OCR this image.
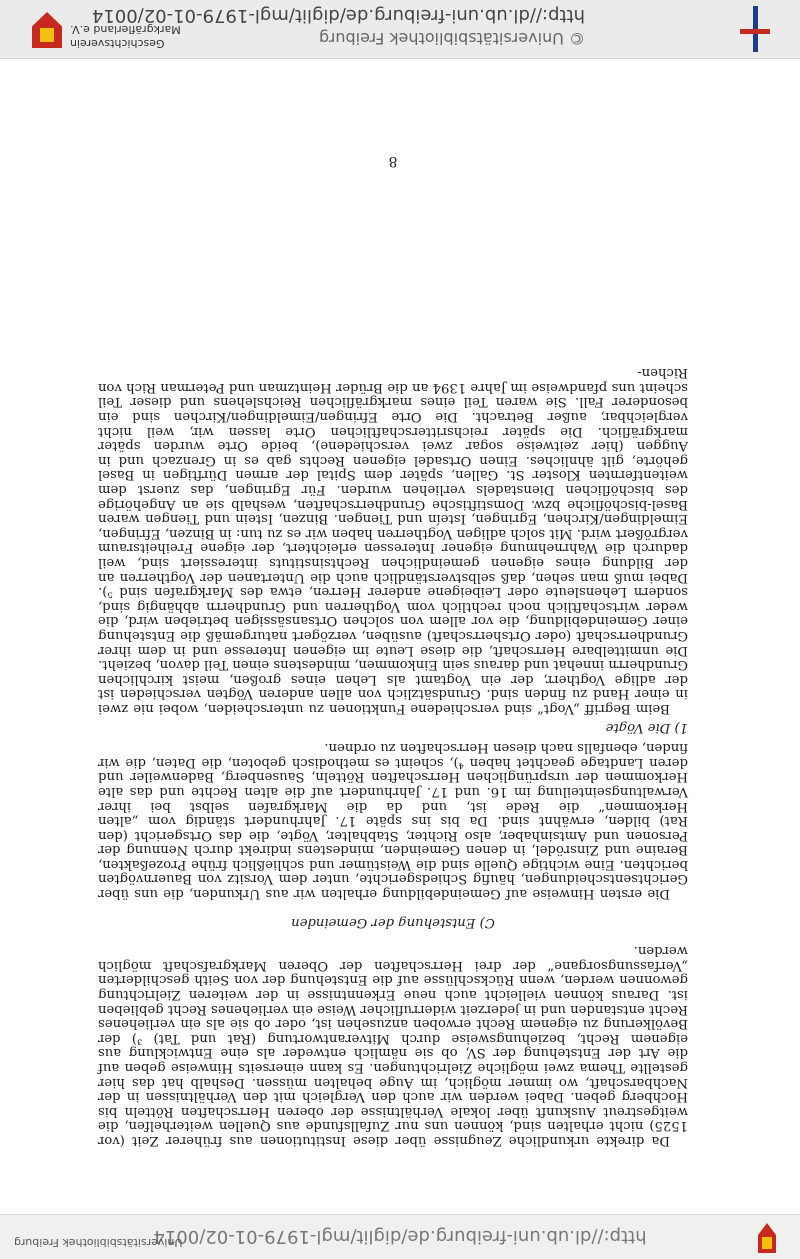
http://dl.ub.uni-freiburg.de/diglit/mgl-1979-01-02/0014
Universitätsbibliothek Freiburg

Da direkte urkundliche Zeugnisse über diese Institutionen aus früherer Zeit (vor 1525) nicht erhalten sind, können uns nur Zufallsfunde aus Quellen weiterhelfen, die weitgestreut Auskunft über lokale Verhältnisse der oberen Herrschaften Rötteln bis Hochberg geben. Dabei werden wir auch den Vergleich mit den Verhältnissen in der Nachbarschaft, wo immer möglich, im Auge behalten müssen. Deshalb hat das hier gestellte Thema zwei mögliche Zielrichtungen. Es kann einerseits Hinweise geben auf die Art der Entstehung der SV, ob sie nämlich entweder als eine Entwicklung aus eigenem Recht, beziehungsweise durch Mitverantwortung (Rat und Tat) ³) der Bevölkerung zu eigenem Recht erwoben anzusehen ist, oder ob sie als ein verliehenes Recht entstanden und in jederzeit widerruflicher Weise ein verliehenes Recht geblieben ist. Daraus können vielleicht auch neue Erkenntnisse in der weiteren Zielrichtung gewonnen werden, wenn Rückschlüsse auf die Entstehung der von Seith geschilderten „Verfassungsorgane“ der drei Herrschaften der Oberen Markgrafschaft möglich werden.

C) Entstehung der Gemeinden

Die ersten Hinweise auf Gemeindebildung erhalten wir aus Urkunden, die uns über Gerichtsentscheidungen, häufig Schiedsgerichte, unter dem Vorsitz von Bauernvögten berichten. Eine wichtige Quelle sind die Weistümer und schließlich frühe Prozeßakten, Beraine und Zinsrödel, in denen Gemeinden, mindestens indirekt durch Nennung der Personen und Amtsinhaber, also Richter, Stabhalter, Vögte, die das Ortsgericht (den Rat) bilden, erwähnt sind. Da bis ins späte 17. Jahrhundert ständig vom „alten Herkommen“ die Rede ist, und da die Markgrafen selbst bei ihrer Verwaltungseinteilung im 16. und 17. Jahrhundert auf die alten Rechte und das alte Herkommen der ursprünglichen Herrschaften Rötteln, Sausenberg, Badenweiler und deren Landtage geachtet haben ⁴), scheint es methodisch geboten, die Daten, die wir finden, ebenfalls nach diesen Herrschaften zu ordnen.

1) Die Vögte

Beim Begriff „Vogt“ sind verschiedene Funktionen zu unterscheiden, wobei nie zwei in einer Hand zu finden sind. Grundsätzlich von allen anderen Vögten verschieden ist der adlige Vogtherr, der ein Vogtamt als Lehen eines großen, meist kirchlichen Grundherrn innehat und daraus sein Einkommen, mindestens einen Teil davon, bezieht. Die unmittelbare Herrschaft, die diese Leute im eigenen Interesse und in dem ihrer Grundherrschaft (oder Ortsherrschaft) ausüben, verzögert naturgemäß die Entstehung einer Gemeindebildung, die vor allem von solchen Ortsansässigen betrieben wird, die weder wirtschaftlich noch rechtlich vom Vogtherren und Grundherrn abhängig sind, sondern Lehensleute oder Leibeigene anderer Herren, etwa des Markgrafen sind ⁵). Dabei muß man sehen, daß selbstverständlich auch die Untertanen der Vogtherren an der Bildung eines eigenen gemeindlichen Rechtsinstituts interessiert sind, weil dadurch die Wahrnehmung eigener Interessen erleichtert, der eigene Freiheitsraum vergrößert wird. Mit solch adligen Vogtherren haben wir es zu tun: in Binzen, Efringen, Eimeldingen/Kirchen, Egringen, Isteín und Tiengen. Binzen, Istein und Tiengen waren Basel-bischöfliche bzw. Domstiftische Grundherrschaften, weshalb sie an Angehörige des bischöflichen Dienstadels verliehen wurden. Für Egringen, das zuerst dem weitentfernten Kloster St. Gallen, später dem Spital der armen Dürftigen in Basel gehörte, gilt ähnliches. Einen Ortsadel eigenen Rechts gab es in Grenzach und in Auggen (hier zeitweise sogar zwei verschiedene), beide Orte wurden später markgräflich. Die später reichsritterschaftlichen Orte lassen wir, weil nicht vergleichbar, außer Betracht. Die Orte Efringen/Eimeldingen/Kirchen sind ein besonderer Fall. Sie waren Teil eines markgräflichen Reichslehens und dieser Teil scheint uns pfandweise im Jahre 1394 an die Brüder Heintzman und Peterman Rich von Richen-

8
© Universitätsbibliothek Freiburg
http://dl.ub.uni-freiburg.de/diglit/mgl-1979-01-02/0014
Geschichtsverein
Markgräflerland e.V.
